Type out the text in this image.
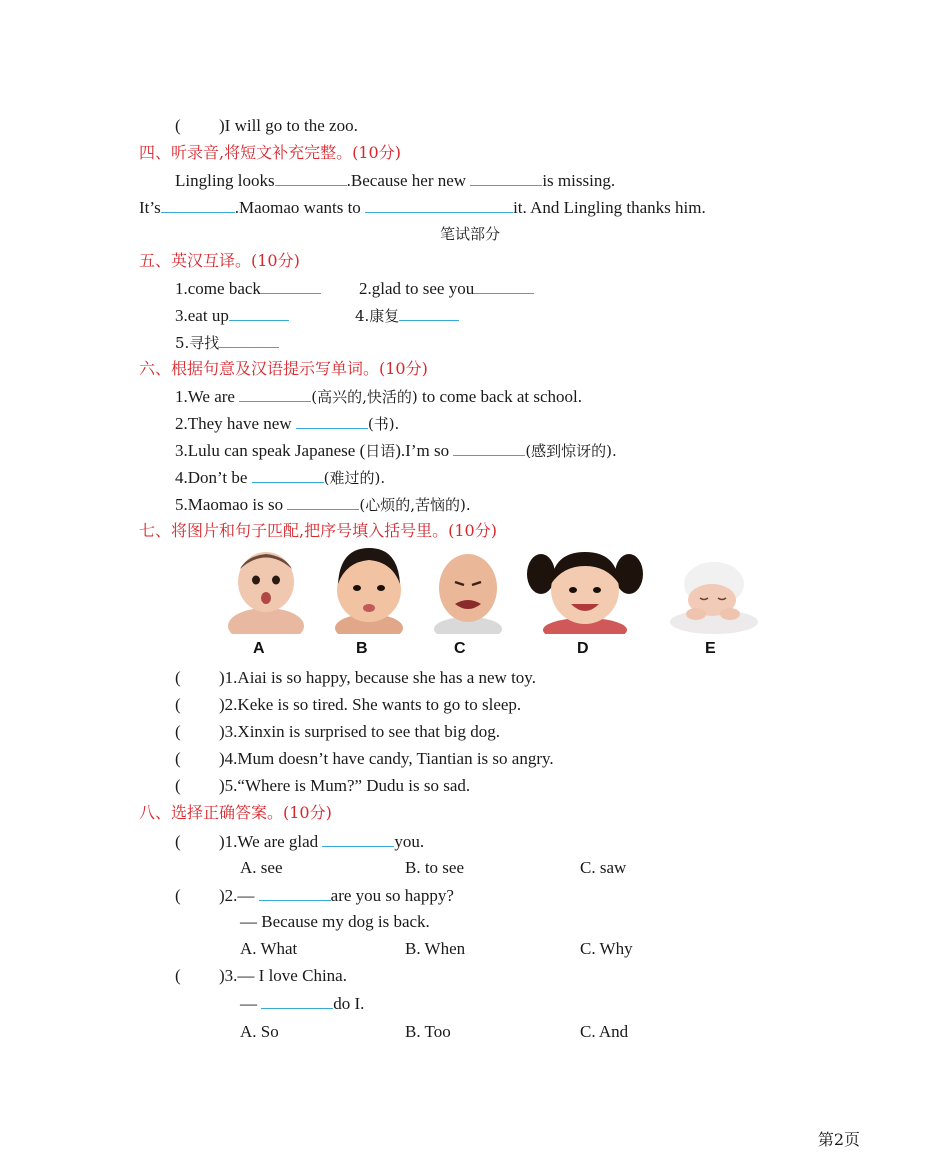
( )I will go to the zoo.
四、听录音,将短文补充完整。(10分)
Lingling looks	.Because her new	is missing.
It’s	.Maomao wants to	it. And Lingling thanks him.
笔试部分
五、英汉互译。(10分)
1.come back	2.glad to see you
3.eat up	4.康复
5.寻找
六、根据句意及汉语提示写单词。(10分)
1.We are	(高兴的,快活的) to come back at school.
2.They have new	(书).
3.Lulu can speak Japanese (日语).I’m so	(感到惊讶的).
4.Don’t be	(难过的).
5.Maomao is so	(心烦的,苦恼的).
七、将图片和句子匹配,把序号填入括号里。(10分)
A	B	C	D	E
( )1.Aiai is so happy, because she has a new toy.
( )2.Keke is so tired. She wants to go to sleep.
( )3.Xinxin is surprised to see that big dog.
( )4.Mum doesn’t have candy, Tiantian is so angry.
( )5.“Where is Mum?” Dudu is so sad.
八、选择正确答案。(10分)
( )1.We are glad	you.
A. see	B. to see	C. saw
( )2.—	are you so happy?
— Because my dog is back.
A. What	B. When	C. Why
( )3.— I love China.
—	do I.
A. So	B. Too	C. And
第2页
